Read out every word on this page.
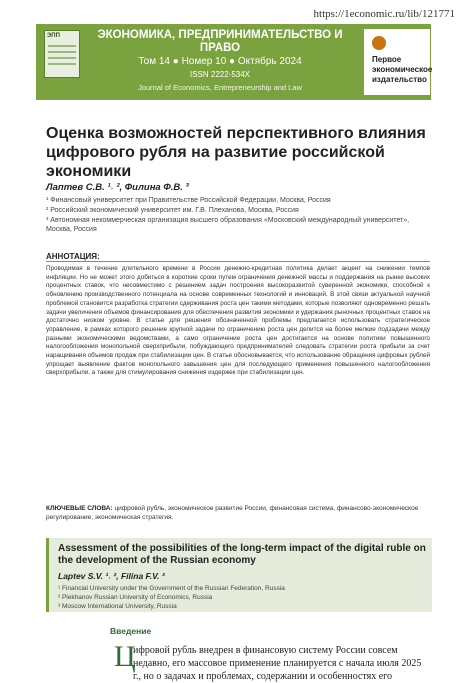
https://1economic.ru/lib/121771
ЭПП	ЭКОНОМИКА, ПРЕДПРИНИМАТЕЛЬСТВО И ПРАВО
Том 14 ● Номер 10 ● Октябрь 2024
ISSN 2222-534X
Journal of Economics, Entrepreneurship and Law
Первое экономическое издательство
Оценка возможностей перспективного влияния цифрового рубля на развитие российской экономики
Лаптев С.В. ¹˒ ², Филина Ф.В. ³
¹ Финансовый университет при Правительстве Российской Федерации, Москва, Россия
² Российский экономический университет им. Г.В. Плеханова, Москва, Россия
³ Автономная некоммерческая организация высшего образования «Московский международный университет», Москва, Россия
АННОТАЦИЯ:
Проводимая в течение длительного времени в России денежно-кредитная политика делает акцент на снижении темпов инфляции. Но не может этого добиться в короткие сроки путем ограничения денежной массы и поддержания на рынке высоких процентных ставок, что несовместимо с решением задач построения высокоразвитой суверенной экономики, способной к обновлению производственного потенциала на основе современных технологий и инноваций. В этой связи актуальной научной проблемой становится разработка стратегии сдерживания роста цен такими методами, которые позволяют одновременно решать задачи увеличения объемов финансирования для обеспечения развития экономики и удержания рыночных процентных ставок на достаточно низком уровне. В статье для решения обозначенной проблемы предлагается использовать стратегическое управление, в рамках которого решение крупной задачи по ограничению роста цен делится на более мелкие подзадачи между разными экономическими ведомствами, а само ограничение роста цен достигается на основе политики повышенного налогообложения монопольной сверхприбыли, побуждающего предпринимателей следовать стратегии роста прибыли за счет наращивания объемов продаж при стабилизации цен. В статье обосновывается, что использование обращения цифровых рублей упрощает выявление фактов монопольного завышения цен для последующего применения повышенного налогообложения сверхприбыли, а также для стимулирования снижения издержек при стабилизации цен.
КЛЮЧЕВЫЕ СЛОВА: цифровой рубль, экономическое развитие России, финансовая система, финансово-экономическое регулирование, экономическая стратегия.
Assessment of the possibilities of the long-term impact of the digital ruble on the development of the Russian economy
Laptev S.V. ¹˒ ², Filina F.V. ³
¹ Financial University under the Government of the Russian Federation, Russia
² Plekhanov Russian University of Economics, Russia
³ Moscow International University, Russia
Введение
Ц
ифровой рубль внедрен в финансовую систему России совсем недавно, его массовое применение планируется с начала июля 2025 г., но о задачах и проблемах, содержании и особенностях его
